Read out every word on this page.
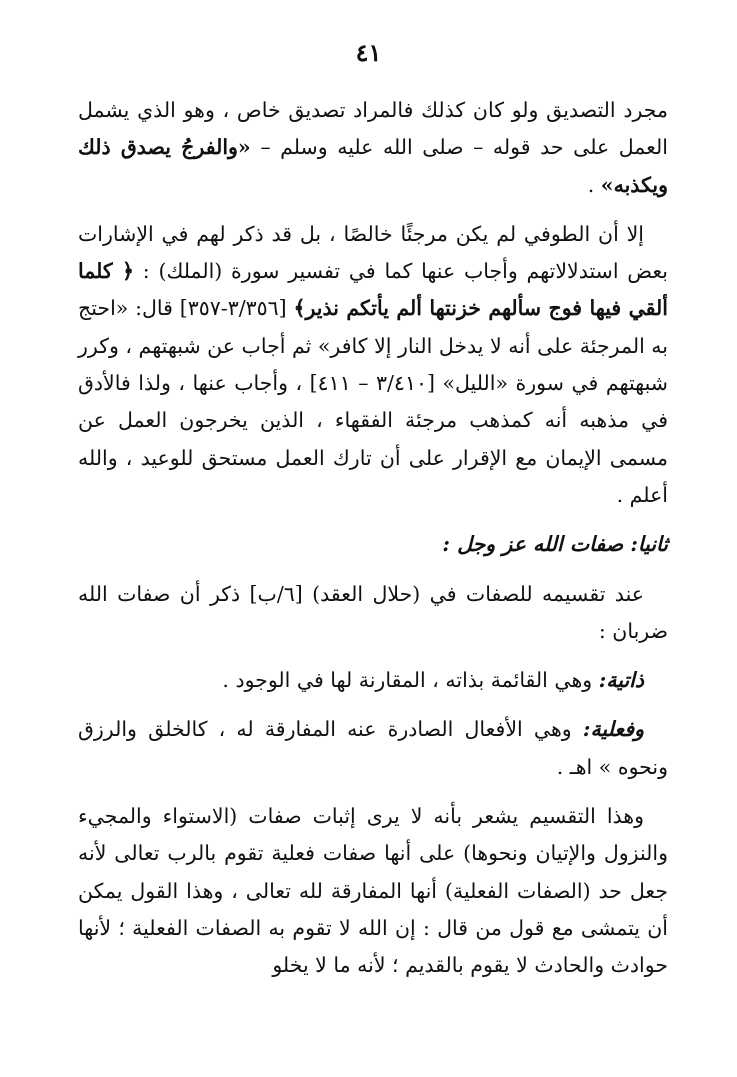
٤١

مجرد التصديق ولو كان كذلك فالمراد تصديق خاص ، وهو الذي يشمل العمل على حد قوله – صلى الله عليه وسلم – «والفرجُ يصدق ذلك ويكذبه» .

إلا أن الطوفي لم يكن مرجئًا خالصًا ، بل قد ذكر لهم في الإشارات بعض استدلالاتهم وأجاب عنها كما في تفسير سورة (الملك) : ﴿ كلما ألقي فيها فوج سألهم خزنتها ألم يأتكم نذير﴾ [٣/٣٥٦-٣٥٧] قال: «احتج به المرجئة على أنه لا يدخل النار إلا كافر» ثم أجاب عن شبهتهم ، وكرر شبهتهم في سورة «الليل» [٣/٤١٠ – ٤١١] ، وأجاب عنها ، ولذا فالأدق في مذهبه أنه كمذهب مرجئة الفقهاء ، الذين يخرجون العمل عن مسمى الإيمان مع الإقرار على أن تارك العمل مستحق للوعيد ، والله أعلم .

ثانيا: صفات الله عز وجل :

عند تقسيمه للصفات في (حلال العقد) [٦/ب] ذكر أن صفات الله ضربان :

ذاتية: وهي القائمة بذاته ، المقارنة لها في الوجود .

وفعلية: وهي الأفعال الصادرة عنه المفارقة له ، كالخلق والرزق ونحوه » اهـ .

وهذا التقسيم يشعر بأنه لا يرى إثبات صفات (الاستواء والمجيء والنزول والإتيان ونحوها) على أنها صفات فعلية تقوم بالرب تعالى لأنه جعل حد (الصفات الفعلية) أنها المفارقة لله تعالى ، وهذا القول يمكن أن يتمشى مع قول من قال : إن الله لا تقوم به الصفات الفعلية ؛ لأنها حوادث والحادث لا يقوم بالقديم ؛ لأنه ما لا يخلو
